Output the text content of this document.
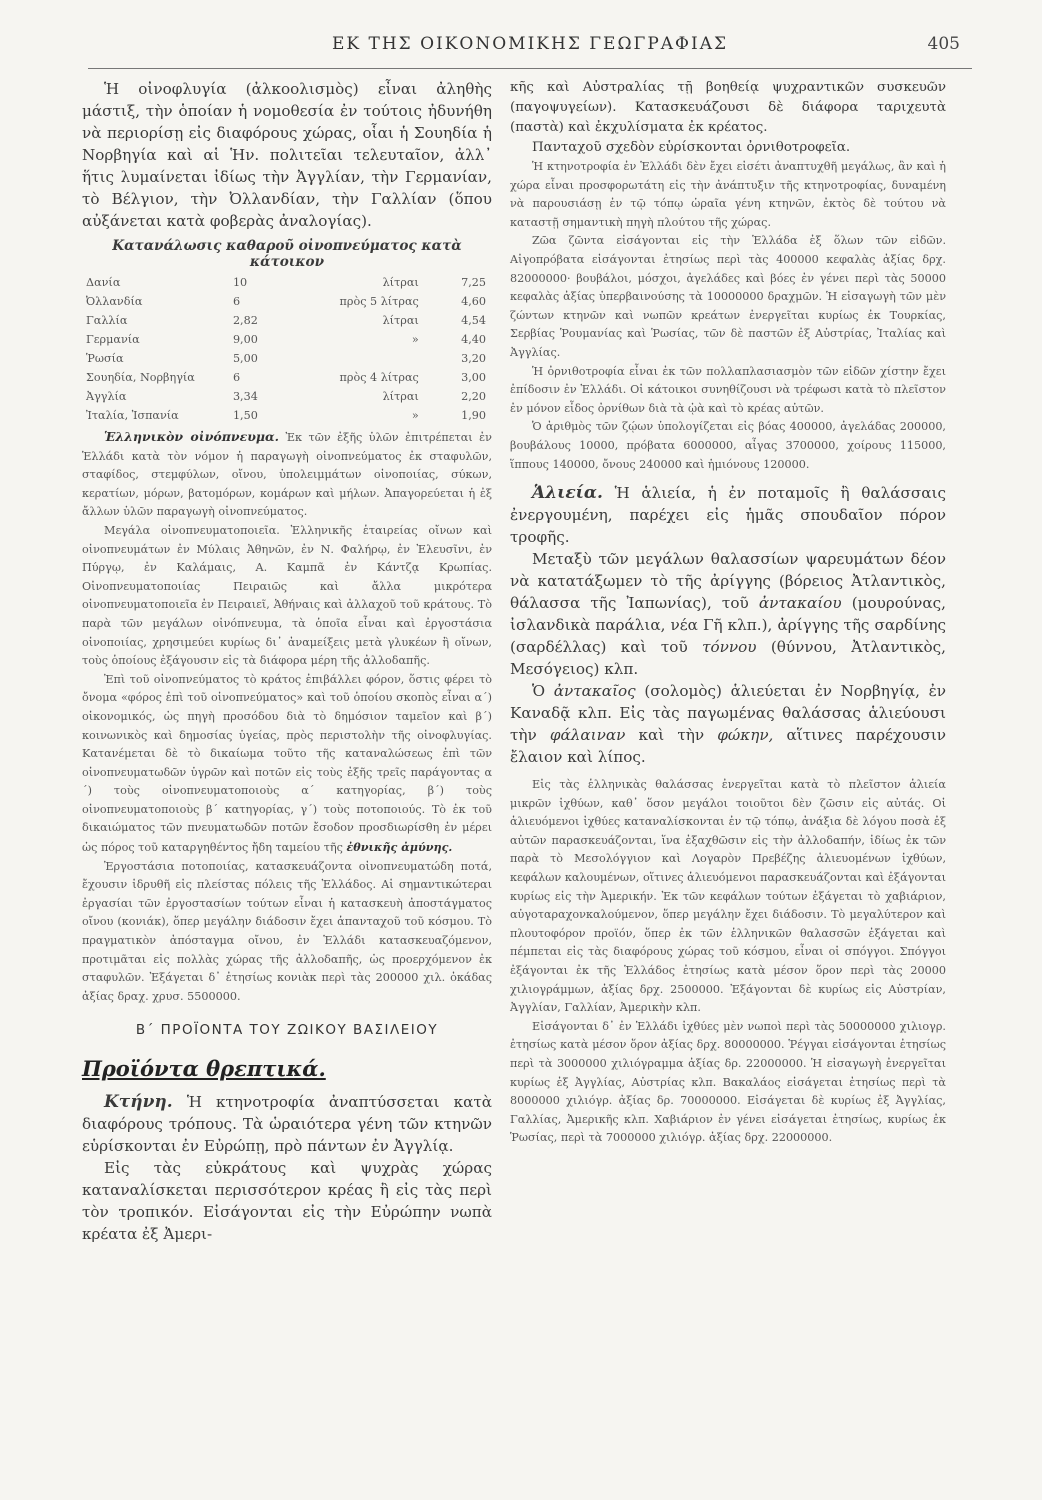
ΕΚ ΤΗΣ ΟΙΚΟΝΟΜΙΚΗΣ ΓΕΩΓΡΑΦΙΑΣ	405

Ἡ οἰνοφλυγία (ἀλκοολισμὸς) εἶναι ἀληθὴς μάστιξ, τὴν ὁποίαν ἡ νομοθεσία ἐν τούτοις ἠδυνήθη νὰ περιορίσῃ εἰς διαφόρους χώρας, οἷαι ἡ Σουηδία ἡ Νορβηγία καὶ αἱ Ἡν. πολιτεῖαι τελευταῖον, ἀλλ᾽ ἥτις λυμαίνεται ἰδίως τὴν Ἀγγλίαν, τὴν Γερμανίαν, τὸ Βέλγιον, τὴν Ὀλλανδίαν, τὴν Γαλλίαν (ὅπου αὐξάνεται κατὰ φοβερὰς ἀναλογίας).

Κατανάλωσις καθαροῦ οἰνοπνεύματος κατὰ κάτοικον
Δανία	10	λίτραι	7,25
Ὀλλανδία	6	πρὸς 5 λίτρας	4,60
Γαλλία	2,82	λίτραι	4,54
Γερμανία	9,00	»	4,40
Ῥωσία	5,00		3,20
Σουηδία, Νορβηγία	6	πρὸς 4 λίτρας	3,00
Ἀγγλία	3,34	λίτραι	2,20
Ἰταλία, Ἱσπανία	1,50	»	1,90

Ἑλληνικὸν οἰνόπνευμα. Ἐκ τῶν ἐξῆς ὑλῶν ἐπιτρέπεται ἐν Ἑλλάδι κατὰ τὸν νόμον ἡ παραγωγὴ οἰνοπνεύματος ἐκ σταφυλῶν, σταφίδος, στεμφύλων, οἴνου, ὑπολειμμάτων οἰνοποιίας, σύκων, κερατίων, μόρων, βατομόρων, κομάρων καὶ μήλων. Ἀπαγορεύεται ἡ ἐξ ἄλλων ὑλῶν παραγωγὴ οἰνοπνεύματος.

Μεγάλα οἰνοπνευματοποιεῖα. Ἑλληνικῆς ἑταιρείας οἴνων καὶ οἰνοπνευμάτων ἐν Μύλαις Ἀθηνῶν, ἐν Ν. Φαλήρῳ, ἐν Ἐλευσῖνι, ἐν Πύργῳ, ἐν Καλάμαις, Α. Καμπᾶ ἐν Κάντζᾳ Κρωπίας. Οἰνοπνευματοποιίας Πειραιῶς καὶ ἄλλα μικρότερα οἰνοπνευματοποιεῖα ἐν Πειραιεῖ, Ἀθήναις καὶ ἀλλαχοῦ τοῦ κράτους. Τὸ παρὰ τῶν μεγάλων οἰνόπνευμα, τὰ ὁποῖα εἶναι καὶ ἐργοστάσια οἰνοποιίας, χρησιμεύει κυρίως δι᾽ ἀναμείξεις μετὰ γλυκέων ἢ οἴνων, τοὺς ὁποίους ἐξάγουσιν εἰς τὰ διάφορα μέρη τῆς ἀλλοδαπῆς.

Ἐπὶ τοῦ οἰνοπνεύματος τὸ κράτος ἐπιβάλλει φόρον, ὅστις φέρει τὸ ὄνομα «φόρος ἐπὶ τοῦ οἰνοπνεύματος» καὶ τοῦ ὁποίου σκοπὸς εἶναι α´) οἰκονομικός, ὡς πηγὴ προσόδου διὰ τὸ δημόσιον ταμεῖον καὶ β´) κοινωνικὸς καὶ δημοσίας ὑγείας, πρὸς περιστολὴν τῆς οἰνοφλυγίας. Κατανέμεται δὲ τὸ δικαίωμα τοῦτο τῆς καταναλώσεως ἐπὶ τῶν οἰνοπνευματωδῶν ὑγρῶν καὶ ποτῶν εἰς τοὺς ἐξῆς τρεῖς παράγοντας α´) τοὺς οἰνοπνευματοποιοὺς α´ κατηγορίας, β´) τοὺς οἰνοπνευματοποιοὺς β´ κατηγορίας, γ´) τοὺς ποτοποιούς. Τὸ ἐκ τοῦ δικαιώματος τῶν πνευματωδῶν ποτῶν ἔσοδον προσδιωρίσθη ἐν μέρει ὡς πόρος τοῦ καταργηθέντος ἤδη ταμείου τῆς ἐθνικῆς ἀμύνης.

Ἐργοστάσια ποτοποιίας, κατασκευάζοντα οἰνοπνευματώδη ποτά, ἔχουσιν ἱδρυθῆ εἰς πλείστας πόλεις τῆς Ἑλλάδος. Αἱ σημαντικώτεραι ἐργασίαι τῶν ἐργοστασίων τούτων εἶναι ἡ κατασκευὴ ἀποστάγματος οἴνου (κονιάκ), ὅπερ μεγάλην διάδοσιν ἔχει ἁπανταχοῦ τοῦ κόσμου. Τὸ πραγματικὸν ἀπόσταγμα οἴνου, ἐν Ἑλλάδι κατασκευαζόμενον, προτιμᾶται εἰς πολλὰς χώρας τῆς ἀλλοδαπῆς, ὡς προερχόμενον ἐκ σταφυλῶν. Ἐξάγεται δ᾽ ἐτησίως κονιὰκ περὶ τὰς 200000 χιλ. ὀκάδας ἀξίας δραχ. χρυσ. 5500000.

Β´ ΠΡΟΪΟΝΤΑ ΤΟΥ ΖΩΙΚΟΥ ΒΑΣΙΛΕΙΟΥ
Προϊόντα θρεπτικά.

Κτήνη. Ἡ κτηνοτροφία ἀναπτύσσεται κατὰ διαφόρους τρόπους. Τὰ ὡραιότερα γένη τῶν κτηνῶν εὑρίσκονται ἐν Εὐρώπῃ, πρὸ πάντων ἐν Ἀγγλίᾳ.

Εἰς τὰς εὐκράτους καὶ ψυχρὰς χώρας καταναλίσκεται περισσότερον κρέας ἢ εἰς τὰς περὶ τὸν τροπικόν. Εἰσάγονται εἰς τὴν Εὐρώπην νωπὰ κρέατα ἐξ Ἀμερι-

κῆς καὶ Αὐστραλίας τῇ βοηθείᾳ ψυχραντικῶν συσκευῶν (παγοψυγείων). Κατασκευάζουσι δὲ διάφορα ταριχευτὰ (παστὰ) καὶ ἐκχυλίσματα ἐκ κρέατος.

Πανταχοῦ σχεδὸν εὑρίσκονται ὀρνιθοτροφεῖα.

Ἡ κτηνοτροφία ἐν Ἑλλάδι δὲν ἔχει εἰσέτι ἀναπτυχθῆ μεγάλως, ἂν καὶ ἡ χώρα εἶναι προσφορωτάτη εἰς τὴν ἀνάπτυξιν τῆς κτηνοτροφίας, δυναμένη νὰ παρουσιάσῃ ἐν τῷ τόπῳ ὡραῖα γένη κτηνῶν, ἐκτὸς δὲ τούτου νὰ καταστῇ σημαντικὴ πηγὴ πλούτου τῆς χώρας.

Ζῶα ζῶντα εἰσάγονται εἰς τὴν Ἑλλάδα ἐξ ὅλων τῶν εἰδῶν. Αἰγοπρόβατα εἰσάγονται ἐτησίως περὶ τὰς 400000 κεφαλὰς ἀξίας δρχ. 82000000· βουβάλοι, μόσχοι, ἀγελάδες καὶ βόες ἐν γένει περὶ τὰς 50000 κεφαλὰς ἀξίας ὑπερβαινούσης τὰ 10000000 δραχμῶν. Ἡ εἰσαγωγὴ τῶν μὲν ζώντων κτηνῶν καὶ νωπῶν κρεάτων ἐνεργεῖται κυρίως ἐκ Τουρκίας, Σερβίας Ῥουμανίας καὶ Ῥωσίας, τῶν δὲ παστῶν ἐξ Αὐστρίας, Ἰταλίας καὶ Ἀγγλίας.

Ἡ ὀρνιθοτροφία εἶναι ἐκ τῶν πολλαπλασιασμὸν τῶν εἰδῶν χίστην ἔχει ἐπίδοσιν ἐν Ἑλλάδι. Οἱ κάτοικοι συνηθίζουσι νὰ τρέφωσι κατὰ τὸ πλεῖστον ἐν μόνον εἶδος ὀρνίθων διὰ τὰ ᾠὰ καὶ τὸ κρέας αὐτῶν.

Ὁ ἀριθμὸς τῶν ζῴων ὑπολογίζεται εἰς βόας 400000, ἀγελάδας 200000, βουβάλους 10000, πρόβατα 6000000, αἶγας 3700000, χοίρους 115000, ἵππους 140000, ὄνους 240000 καὶ ἡμιόνους 120000.

Ἁλιεία. Ἡ ἁλιεία, ἡ ἐν ποταμοῖς ἢ θαλάσσαις ἐνεργουμένη, παρέχει εἰς ἡμᾶς σπουδαῖον πόρον τροφῆς.

Μεταξὺ τῶν μεγάλων θαλασσίων ψαρευμάτων δέον νὰ κατατάξωμεν τὸ τῆς ἀρίγγης (βόρειος Ἀτλαντικὸς, θάλασσα τῆς Ἰαπωνίας), τοῦ ἀντακαίου (μουρούνας, ἰσλανδικὰ παράλια, νέα Γῆ κλπ.), ἀρίγγης τῆς σαρδίνης (σαρδέλλας) καὶ τοῦ τόννου (θύννου, Ἀτλαντικὸς, Μεσόγειος) κλπ.

Ὁ ἀντακαῖος (σολομὸς) ἁλιεύεται ἐν Νορβηγίᾳ, ἐν Καναδᾷ κλπ. Εἰς τὰς παγωμένας θαλάσσας ἁλιεύουσι τὴν φάλαιναν καὶ τὴν φώκην, αἵτινες παρέχουσιν ἔλαιον καὶ λίπος.

Εἰς τὰς ἑλληνικὰς θαλάσσας ἐνεργεῖται κατὰ τὸ πλεῖστον ἁλιεία μικρῶν ἰχθύων, καθ᾽ ὅσον μεγάλοι τοιοῦτοι δὲν ζῶσιν εἰς αὐτάς. Οἱ ἁλιευόμενοι ἰχθύες καταναλίσκονται ἐν τῷ τόπῳ, ἀνάξια δὲ λόγου ποσὰ ἐξ αὐτῶν παρασκευάζονται, ἵνα ἐξαχθῶσιν εἰς τὴν ἀλλοδαπήν, ἰδίως ἐκ τῶν παρὰ τὸ Μεσολόγγιον καὶ Λογαρὸν Πρεβέζης ἁλιευομένων ἰχθύων, κεφάλων καλουμένων, οἵτινες ἁλιευόμενοι παρασκευάζονται καὶ ἐξάγονται κυρίως εἰς τὴν Ἀμερικήν. Ἐκ τῶν κεφάλων τούτων ἐξάγεται τὸ χαβιάριον, αὐγοταραχονκαλούμενον, ὅπερ μεγάλην ἔχει διάδοσιν. Τὸ μεγαλύτερον καὶ πλουτοφόρον προϊόν, ὅπερ ἐκ τῶν ἑλληνικῶν θαλασσῶν ἐξάγεται καὶ πέμπεται εἰς τὰς διαφόρους χώρας τοῦ κόσμου, εἶναι οἱ σπόγγοι. Σπόγγοι ἐξάγονται ἐκ τῆς Ἑλλάδος ἐτησίως κατὰ μέσον ὅρον περὶ τὰς 20000 χιλιογράμμων, ἀξίας δρχ. 2500000. Ἐξάγονται δὲ κυρίως εἰς Αὐστρίαν, Ἀγγλίαν, Γαλλίαν, Ἀμερικὴν κλπ.

Εἰσάγονται δ᾽ ἐν Ἑλλάδι ἰχθύες μὲν νωποὶ περὶ τὰς 50000000 χιλιογρ. ἐτησίως κατὰ μέσον ὅρον ἀξίας δρχ. 80000000. Ῥέγγαι εἰσάγονται ἐτησίως περὶ τὰ 3000000 χιλιόγραμμα ἀξίας δρ. 22000000. Ἡ εἰσαγωγὴ ἐνεργεῖται κυρίως ἐξ Ἀγγλίας, Αὐστρίας κλπ. Βακαλάος εἰσάγεται ἐτησίως περὶ τὰ 8000000 χιλιόγρ. ἀξίας δρ. 70000000. Εἰσάγεται δὲ κυρίως ἐξ Ἀγγλίας, Γαλλίας, Ἀμερικῆς κλπ. Χαβιάριον ἐν γένει εἰσάγεται ἐτησίως, κυρίως ἐκ Ῥωσίας, περὶ τὰ 7000000 χιλιόγρ. ἀξίας δρχ. 22000000.
